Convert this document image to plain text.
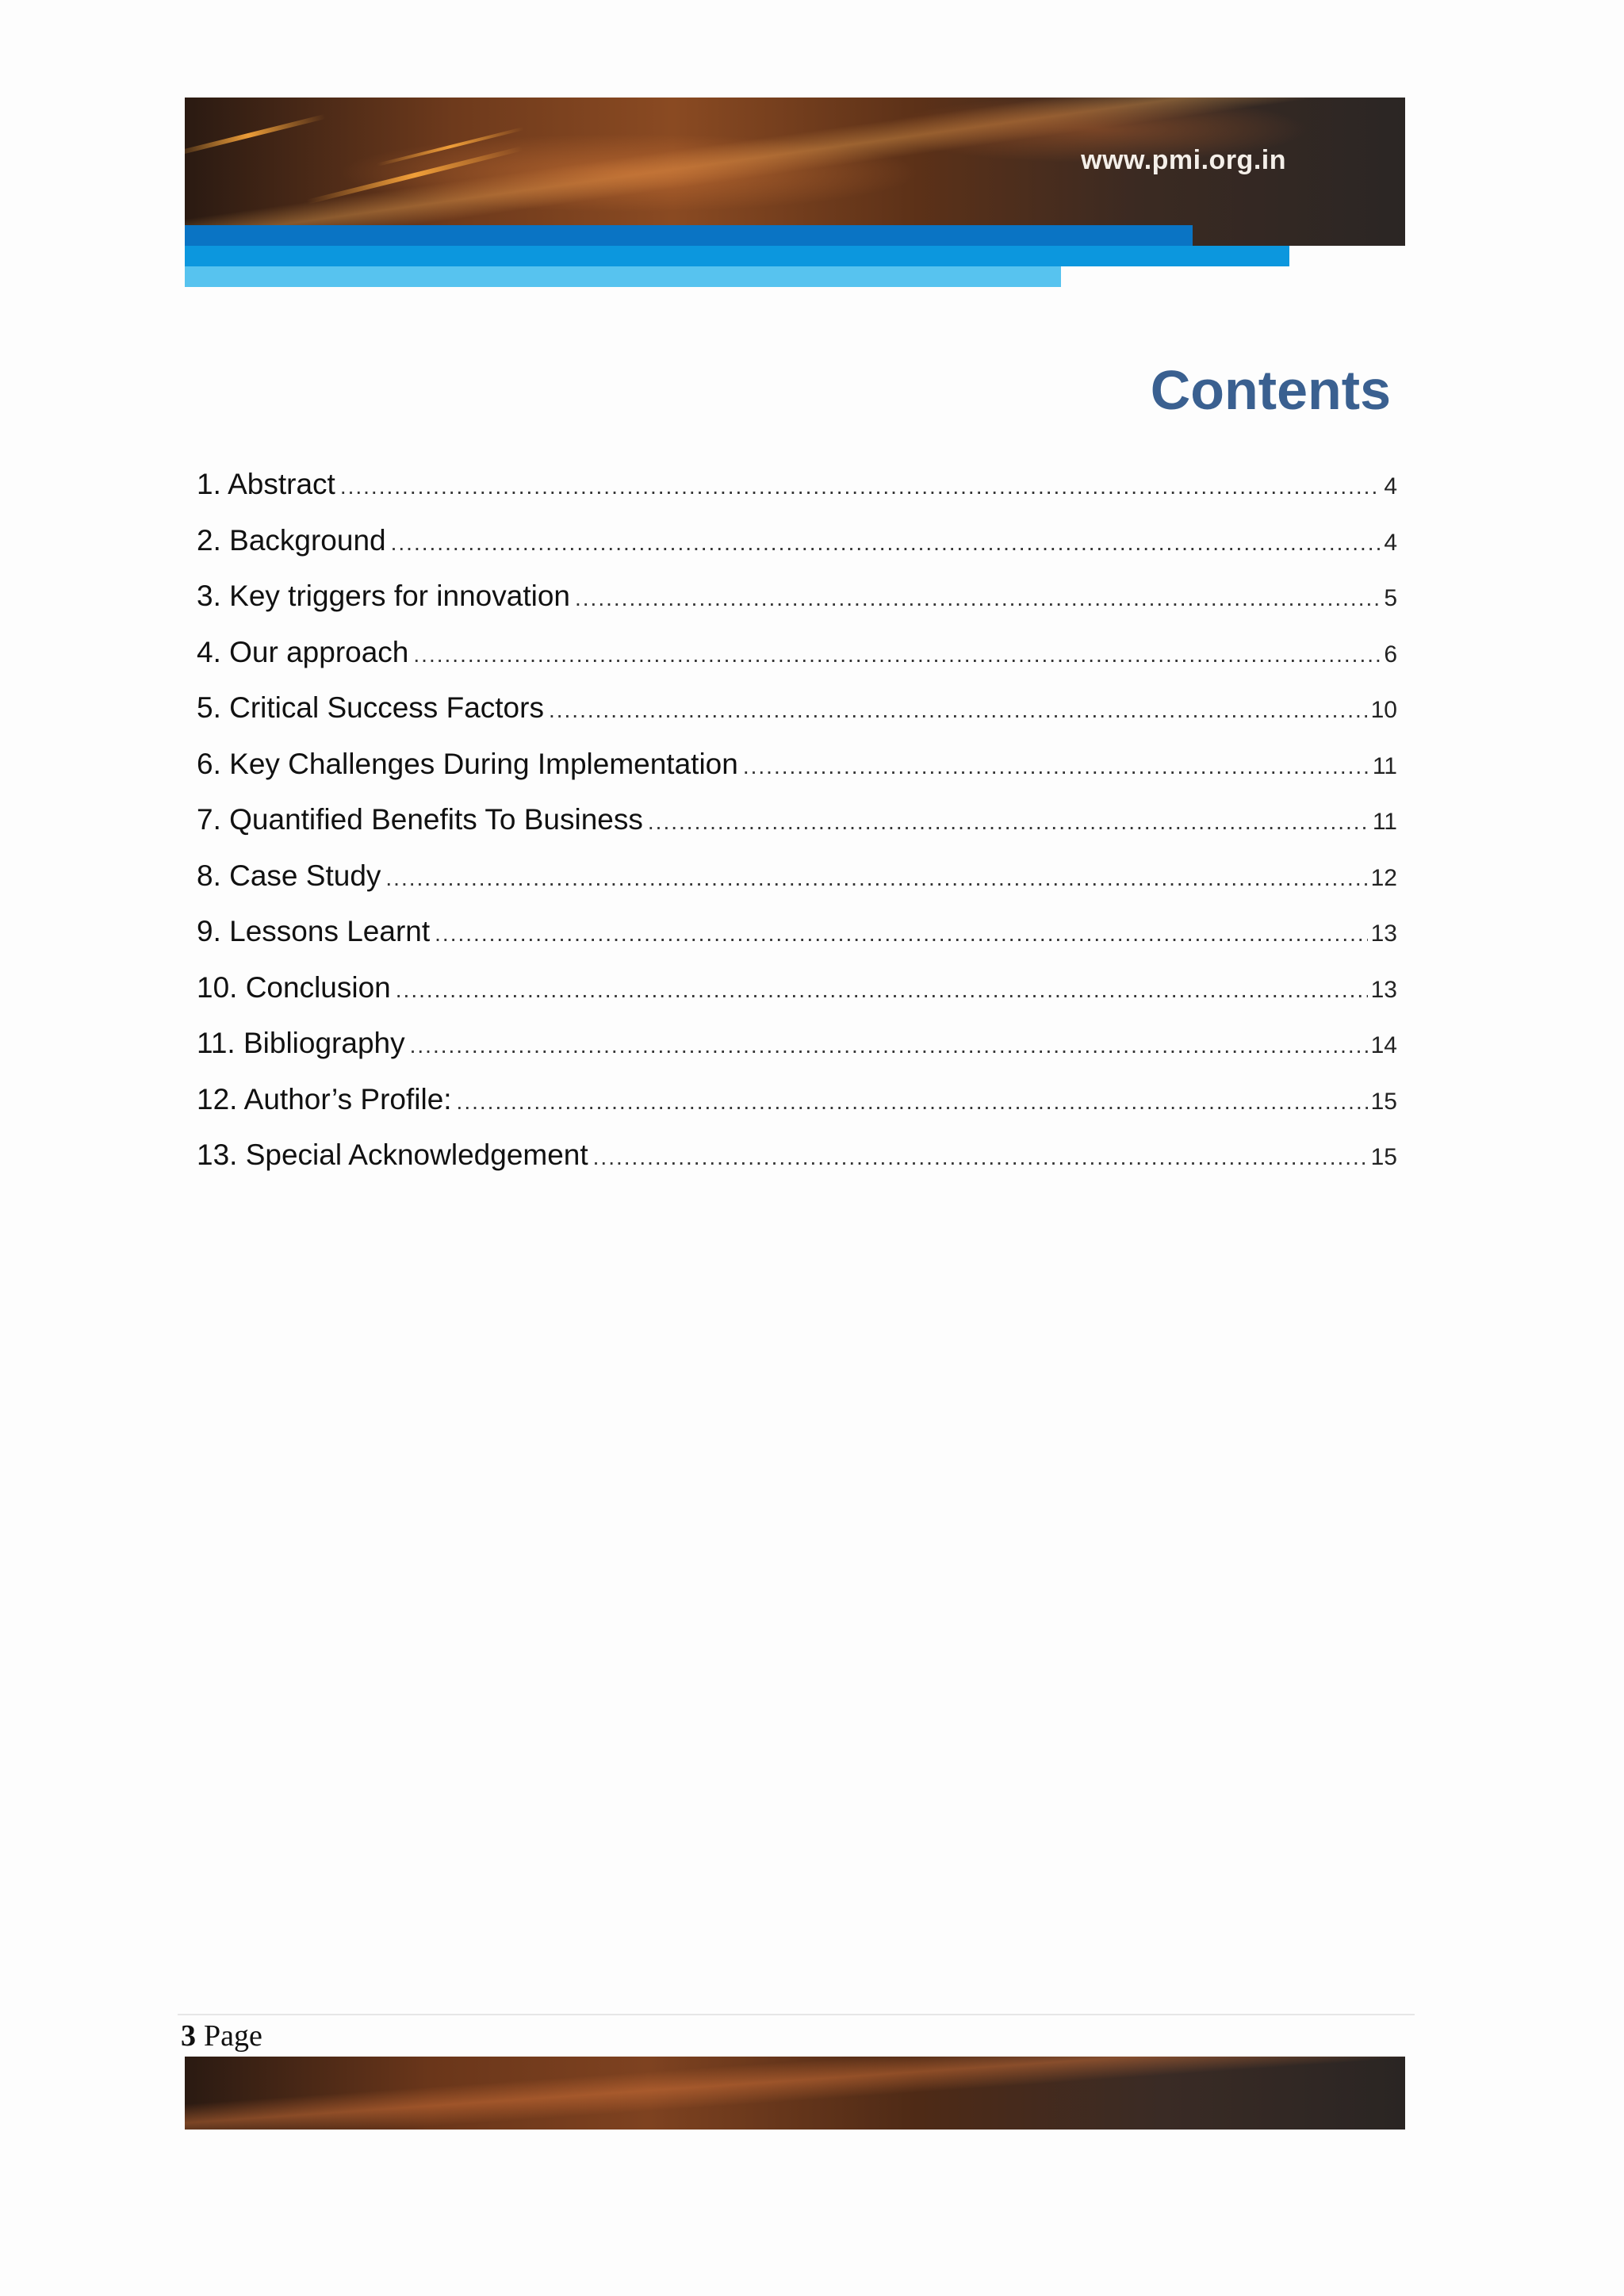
www.pmi.org.in
Contents
1. Abstract .....	4
2. Background .....	4
3. Key triggers for innovation .....	5
4. Our approach .....	6
5. Critical Success Factors .....	10
6. Key Challenges During Implementation .....	11
7. Quantified Benefits To Business .....	11
8. Case Study .....	12
9. Lessons Learnt .....	13
10. Conclusion .....	13
11. Bibliography .....	14
12. Author’s Profile: .....	15
13. Special Acknowledgement .....	15
3 Page
